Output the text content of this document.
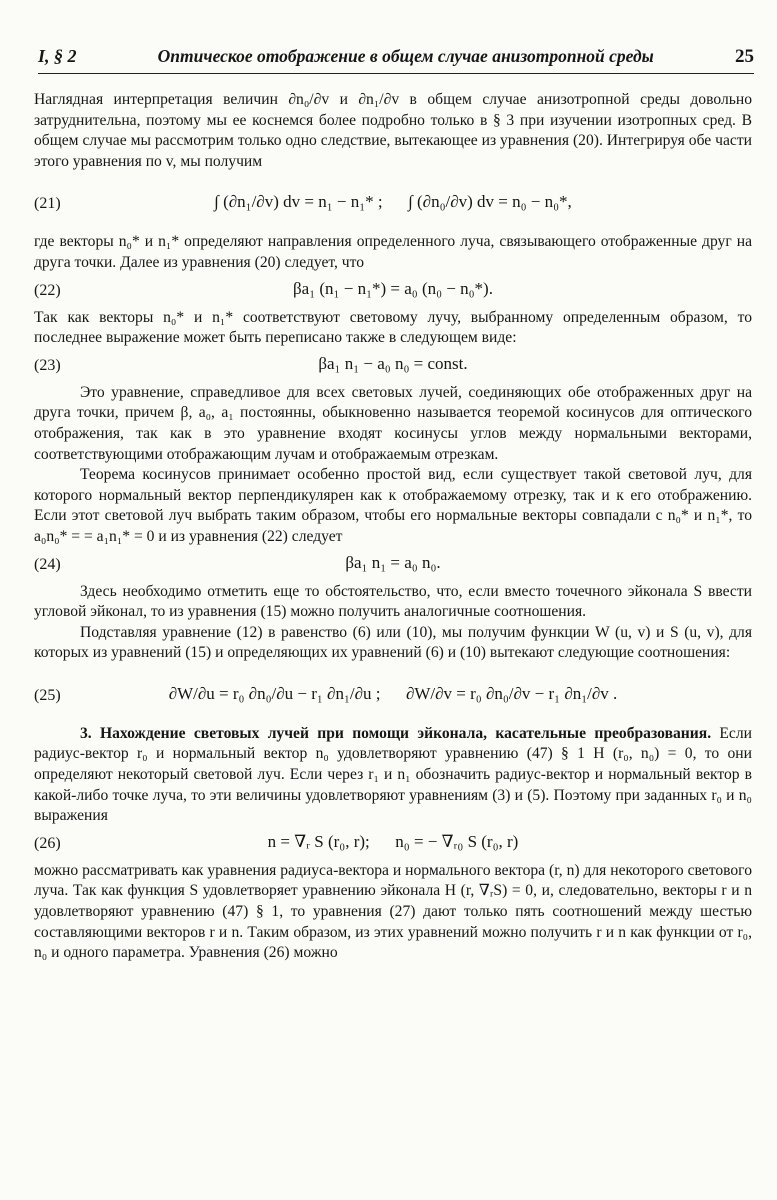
I, § 2	Оптическое отображение в общем случае анизотропной среды	25

Наглядная интерпретация величин ∂n₀/∂v и ∂n₁/∂v в общем случае анизотропной среды довольно затруднительна, поэтому мы ее коснемся более подробно только в § 3 при изучении изотропных сред. В общем случае мы рассмотрим только одно следствие, вытекающее из уравнения (20). Интегрируя обе части этого уравнения по v, мы получим

(21)	∫ (∂n₁/∂v) dv = n₁ − n₁* ;      ∫ (∂n₀/∂v) dv = n₀ − n₀*,

где векторы n₀* и n₁* определяют направления определенного луча, связывающего отображенные друг на друга точки. Далее из уравнения (20) следует, что

(22)	βa₁ (n₁ − n₁*) = a₀ (n₀ − n₀*).

Так как векторы n₀* и n₁* соответствуют световому лучу, выбранному определенным образом, то последнее выражение может быть переписано также в следующем виде:

(23)	βa₁ n₁ − a₀ n₀ = const.

Это уравнение, справедливое для всех световых лучей, соединяющих обе отображенных друг на друга точки, причем β, a₀, a₁ постоянны, обыкновенно называется теоремой косинусов для оптического отображения, так как в это уравнение входят косинусы углов между нормальными векторами, соответствующими отображающим лучам и отображаемым отрезкам.

Теорема косинусов принимает особенно простой вид, если существует такой световой луч, для которого нормальный вектор перпендикулярен как к отображаемому отрезку, так и к его отображению. Если этот световой луч выбрать таким образом, чтобы его нормальные векторы совпадали с n₀* и n₁*, то a₀n₀* = = a₁n₁* = 0 и из уравнения (22) следует

(24)	βa₁ n₁ = a₀ n₀.

Здесь необходимо отметить еще то обстоятельство, что, если вместо точечного эйконала S ввести угловой эйконал, то из уравнения (15) можно получить аналогичные соотношения.

Подставляя уравнение (12) в равенство (6) или (10), мы получим функции W (u, v) и S (u, v), для которых из уравнений (15) и определяющих их уравнений (6) и (10) вытекают следующие соотношения:

(25)	∂W/∂u = r₀ ∂n₀/∂u − r₁ ∂n₁/∂u ;      ∂W/∂v = r₀ ∂n₀/∂v − r₁ ∂n₁/∂v .

3. Нахождение световых лучей при помощи эйконала, касательные преобразования. Если радиус-вектор r₀ и нормальный вектор n₀ удовлетворяют уравнению (47) § 1 H (r₀, n₀) = 0, то они определяют некоторый световой луч. Если через r₁ и n₁ обозначить радиус-вектор и нормальный вектор в какой-либо точке луча, то эти величины удовлетворяют уравнениям (3) и (5). Поэтому при заданных r₀ и n₀ выражения

(26)	n = ∇ᵣ S (r₀, r);      n₀ = − ∇ᵣ₀ S (r₀, r)

можно рассматривать как уравнения радиуса-вектора и нормального вектора (r, n) для некоторого светового луча. Так как функция S удовлетворяет уравнению эйконала H (r, ∇ᵣS) = 0, и, следовательно, векторы r и n удовлетворяют уравнению (47) § 1, то уравнения (27) дают только пять соотношений между шестью составляющими векторов r и n. Таким образом, из этих уравнений можно получить r и n как функции от r₀, n₀ и одного параметра. Уравнения (26) можно
